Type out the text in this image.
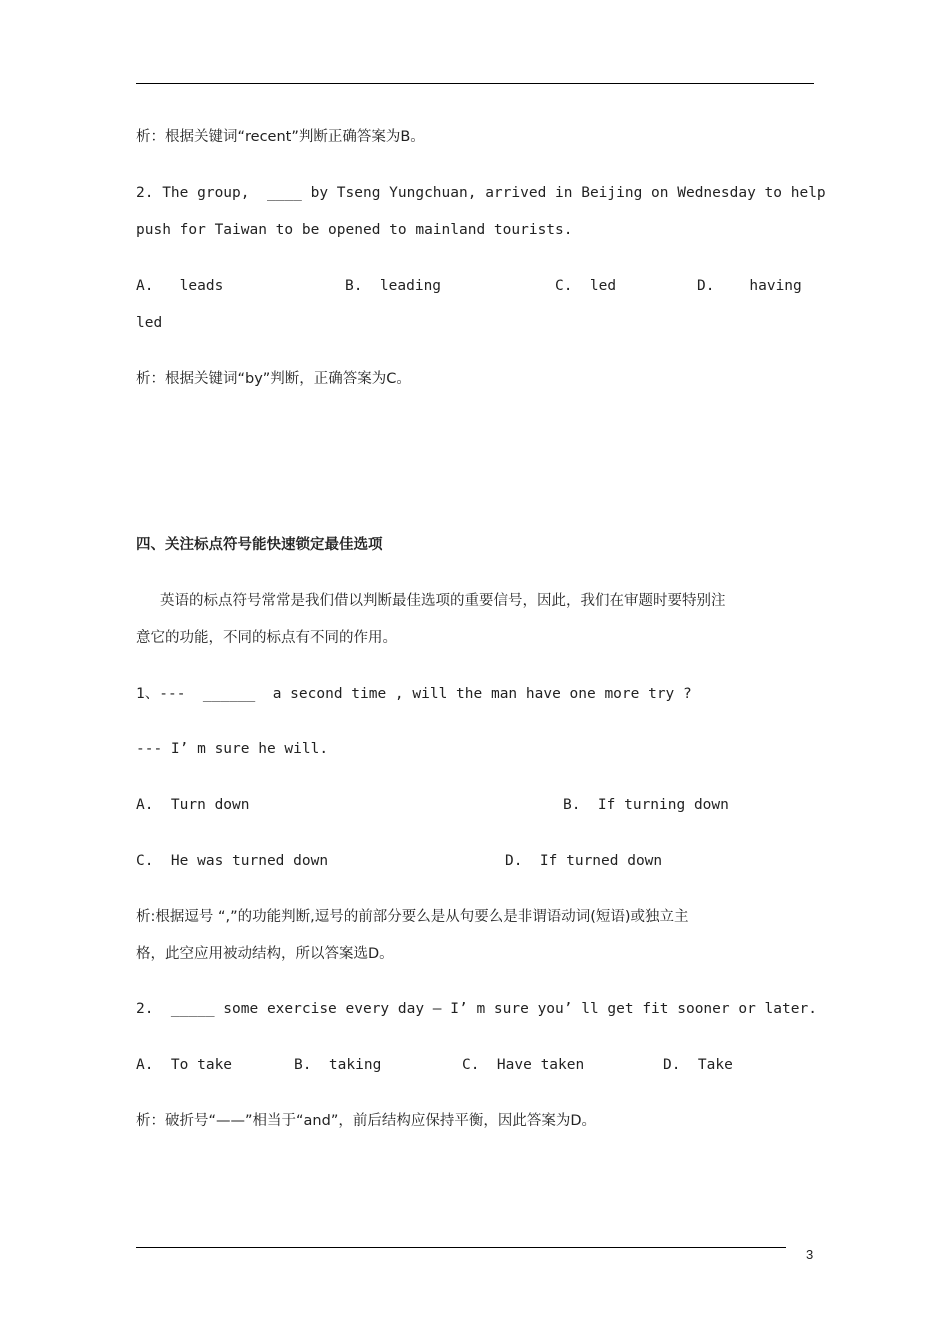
析：根据关键词“recent”判断正确答案为B。
2. The group,  ____ by Tseng Yungchuan, arrived in Beijing on Wednesday to help
push for Taiwan to be opened to mainland tourists.
A.   leads	B.  leading	C.  led	D.    having
led
析：根据关键词“by”判断，正确答案为C。
四、关注标点符号能快速锁定最佳选项
英语的标点符号常常是我们借以判断最佳选项的重要信号，因此，我们在审题时要特别注
意它的功能，不同的标点有不同的作用。
1、---  ______  a second time , will the man have one more try ?
--- I’ m sure he will.
A.  Turn down	B.  If turning down
C.  He was turned down	D.  If turned down
析:根据逗号 “,”的功能判断,逗号的前部分要么是从句要么是非谓语动词(短语)或独立主
格，此空应用被动结构，所以答案选D。
2.  _____ some exercise every day — I’ m sure you’ ll get fit sooner or later.
A.  To take	B.  taking	C.  Have taken	D.  Take
析：破折号“——”相当于“and”，前后结构应保持平衡，因此答案为D。
3
